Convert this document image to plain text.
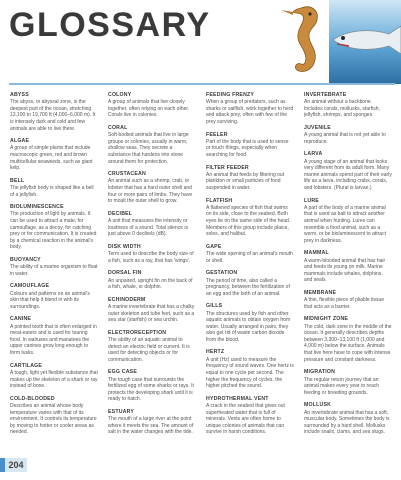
GLOSSARY
ABYSS

The abyss, or abyssal zone, is the deepest part of the ocean, stretching 13,100 to 19,700 ft (4,000–6,000 m). It is intensely dark and cold and few animals are able to live there.

ALGAE

A group of simple plants that include macroscopic green, red and brown multicellular seaweeds, such as giant kelp.

BELL

The jellyfish body is shaped like a bell of a jellyfish.

BIOLUMINESCENCE

The production of light by animals. It can be used to attract a mate, for camouflage, as a decoy, for catching prey or for communication. It is created by a chemical reaction in the animal's body.

BUOYANCY

The ability of a marine organism to float in water.

CAMOUFLAGE

Colours and patterns on an animal's skin that help it blend in with its surroundings.

CANINE

A pointed tooth that is often enlarged in meat-eaters and is used for tearing food. In walruses and manatees the upper canines grow long enough to form tusks.

CARTILAGE

A tough, light yet flexible substance that makes up the skeleton of a shark or ray instead of bone.

COLD-BLOODED

Describes an animal whose body temperature varies with that of its environment. It controls its temperature by moving to hotter or cooler areas as needed.

COLONY

A group of animals that live closely together, often relying on each other. Corals live in colonies.

CORAL

Soft-bodied animals that live in large groups or colonies, usually in warm, shallow seas. They secrete a substance that hardens into stone around them for protection.

CRUSTACEAN

An animal such as a shrimp, crab, or lobster that has a hard outer shell and four or more pairs of limbs. They have to moult the outer shell to grow.

DECIBEL

A unit that measures the intensity or loudness of a sound. Total silence is just above 0 decibels (dB).

DISK WIDTH

Term used to describe the body size of a fish, such as a ray, that has 'wings'.

DORSAL FIN

An unpaired, upright fin on the back of a fish, whale, or dolphin.

ECHINODERM

A marine invertebrate that has a chalky outer skeleton and tube feet, such as a sea star (starfish) or sea urchin.

ELECTRORECEPTION

The ability of an aquatic animal to detect an electric field or current. It is used for detecting objects or for communication.

EGG CASE

The tough case that surrounds the fertilized egg of some sharks or rays. It protects the developing shark until it is ready to hatch.

ESTUARY

The mouth of a large river at the point where it meets the sea. The amount of salt in the water changes with the tide.

FEEDING FRENZY

When a group of predators, such as sharks or sailfish, work together to herd and attack prey, often with few of the prey surviving.

FEELER

Part of the body that is used to sense or touch things, especially when searching for food.

FILTER FEEDER

An animal that feeds by filtering out plankton or small particles of food suspended in water.

FLATFISH

A flattened species of fish that swims on its side, close to the seabed. Both eyes lie on the same side of the head. Members of this group include plaice, soles, and halibut.

GAPE

The wide opening of an animal's mouth or shell.

GESTATION

The period of time, also called a pregnancy, between the fertilization of an egg and the birth of an animal.

GILLS

The structures used by fish and other aquatic animals to obtain oxygen from water. Usually arranged in pairs, they also get rid of waste carbon dioxide from the blood.

HERTZ

A unit (Hz) used to measure the frequency of sound waves. One hertz is equal to one cycle per second. The higher the frequency of cycles, the higher pitched the sound.

HYDROTHERMAL VENT

A crack in the seabed that gives out superheated water that is full of minerals. Vents are often home to unique colonies of animals that can survive in harsh conditions.

INVERTEBRATE

An animal without a backbone. Includes corals, mollusks, starfish, jellyfish, shrimps, and sponges.

JUVENILE

A young animal that is not yet able to reproduce.

LARVA

A young stage of an animal that looks very different from its adult form. Many marine animals spend part of their early life as a larva, including crabs, corals, and lobsters. (Plural is larvae.)

LURE

A part of the body of a marine animal that is used as bait to attract another animal when hunting. Lures can resemble a food animal, such as a worm, or be bioluminescent to attract prey in darkness.

MAMMAL

A warm-blooded animal that has hair and feeds its young on milk. Marine mammals include whales, dolphins, and seals.

MEMBRANE

A thin, flexible piece of pliable tissue that acts as a barrier.

MIDNIGHT ZONE

The cold, dark zone in the middle of the ocean. It generally describes depths between 3,300–13,100 ft (1,000 and 4,000 m) below the surface. Animals that live here have to cope with intense pressure and constant darkness.

MIGRATION

The regular return journey that an animal makes every year to reach feeding or breeding grounds.

MOLLUSK

An invertebrate animal that has a soft, muscular body. Sometimes the body is surrounded by a hard shell. Mollusks include snails, clams, and sea slugs.

204
